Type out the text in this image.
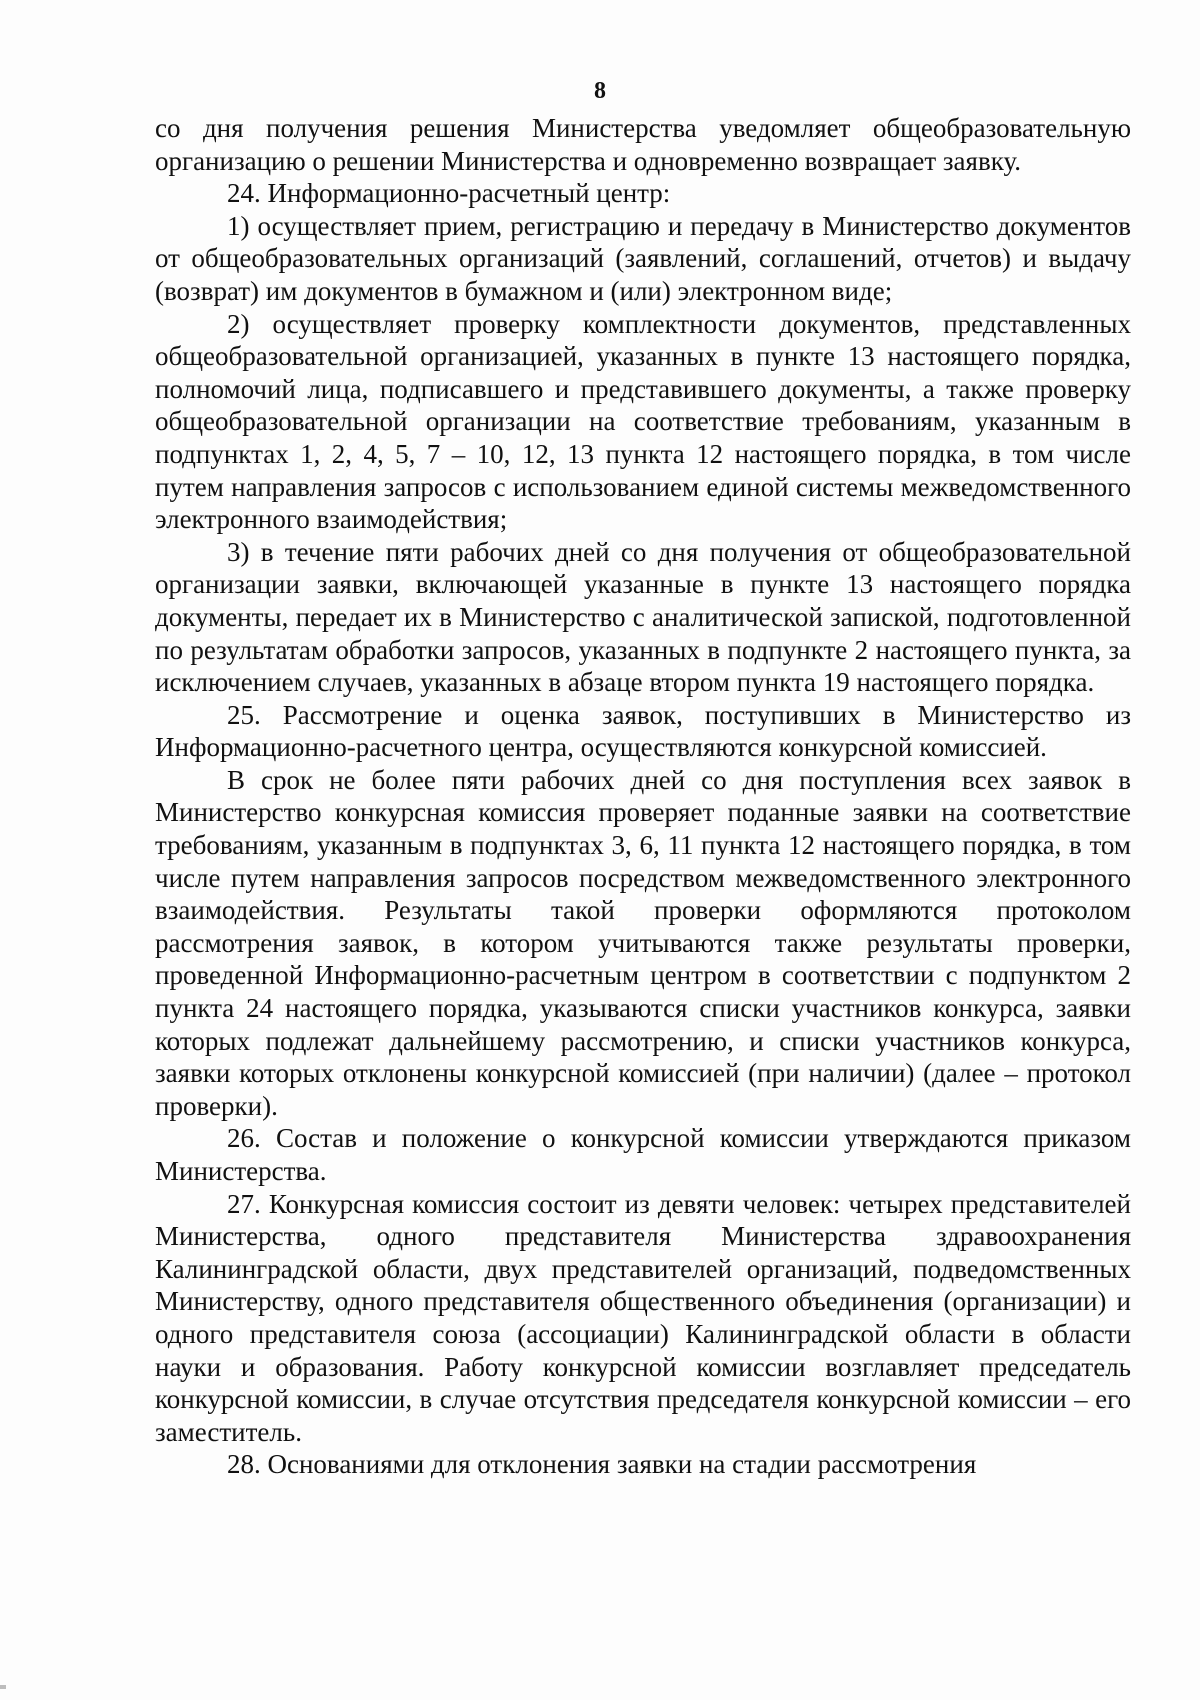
8

со дня получения решения Министерства уведомляет общеобразовательную организацию о решении Министерства и одновременно возвращает заявку.

24. Информационно-расчетный центр:

1) осуществляет прием, регистрацию и передачу в Министерство документов от общеобразовательных организаций (заявлений, соглашений, отчетов) и выдачу (возврат) им документов в бумажном и (или) электронном виде;

2) осуществляет проверку комплектности документов, представленных общеобразовательной организацией, указанных в пункте 13 настоящего порядка, полномочий лица, подписавшего и представившего документы, а также проверку общеобразовательной организации на соответствие требованиям, указанным в подпунктах 1, 2, 4, 5, 7 – 10, 12, 13 пункта 12 настоящего порядка, в том числе путем направления запросов с использованием единой системы межведомственного электронного взаимодействия;

3) в течение пяти рабочих дней со дня получения от общеобразовательной организации заявки, включающей указанные в пункте 13 настоящего порядка документы, передает их в Министерство с аналитической запиской, подготовленной по результатам обработки запросов, указанных в подпункте 2 настоящего пункта, за исключением случаев, указанных в абзаце втором пункта 19 настоящего порядка.

25. Рассмотрение и оценка заявок, поступивших в Министерство из Информационно-расчетного центра, осуществляются конкурсной комиссией.

В срок не более пяти рабочих дней со дня поступления всех заявок в Министерство конкурсная комиссия проверяет поданные заявки на соответствие требованиям, указанным в подпунктах 3, 6, 11 пункта 12 настоящего порядка, в том числе путем направления запросов посредством межведомственного электронного взаимодействия. Результаты такой проверки оформляются протоколом рассмотрения заявок, в котором учитываются также результаты проверки, проведенной Информационно-расчетным центром в соответствии с подпунктом 2 пункта 24 настоящего порядка, указываются списки участников конкурса, заявки которых подлежат дальнейшему рассмотрению, и списки участников конкурса, заявки которых отклонены конкурсной комиссией (при наличии) (далее – протокол проверки).

26. Состав и положение о конкурсной комиссии утверждаются приказом Министерства.

27. Конкурсная комиссия состоит из девяти человек: четырех представителей Министерства, одного представителя Министерства здравоохранения Калининградской области, двух представителей организаций, подведомственных Министерству, одного представителя общественного объединения (организации) и одного представителя союза (ассоциации) Калининградской области в области науки и образования. Работу конкурсной комиссии возглавляет председатель конкурсной комиссии, в случае отсутствия председателя конкурсной комиссии – его заместитель.

28. Основаниями для отклонения заявки на стадии рассмотрения
